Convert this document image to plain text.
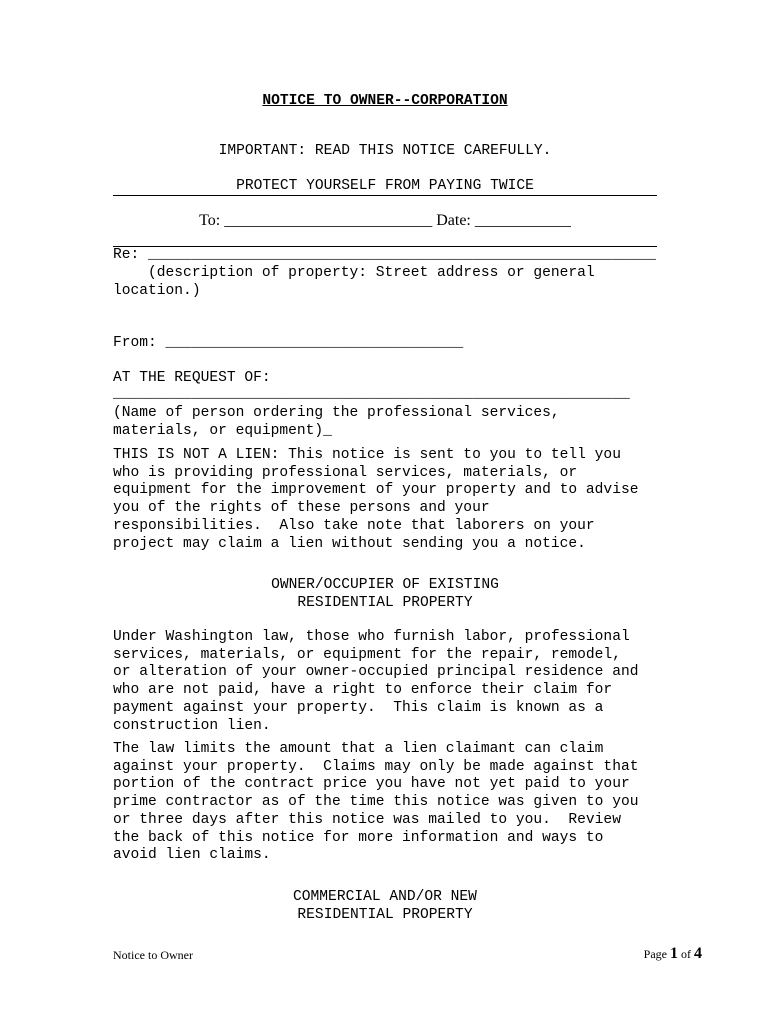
NOTICE TO OWNER--CORPORATION
IMPORTANT: READ THIS NOTICE CAREFULLY.
PROTECT YOURSELF FROM PAYING TWICE
To: __________________________ Date: ____________
Re: __________________________________________________________
(description of property: Street address or general
location.)
From: __________________________________
AT THE REQUEST OF:
___________________________________________________________
(Name of person ordering the professional services,
materials, or equipment)_
THIS IS NOT A LIEN: This notice is sent to you to tell you
who is providing professional services, materials, or
equipment for the improvement of your property and to advise
you of the rights of these persons and your
responsibilities.  Also take note that laborers on your
project may claim a lien without sending you a notice.
OWNER/OCCUPIER OF EXISTING
RESIDENTIAL PROPERTY
Under Washington law, those who furnish labor, professional
services, materials, or equipment for the repair, remodel,
or alteration of your owner-occupied principal residence and
who are not paid, have a right to enforce their claim for
payment against your property.  This claim is known as a
construction lien.
The law limits the amount that a lien claimant can claim
against your property.  Claims may only be made against that
portion of the contract price you have not yet paid to your
prime contractor as of the time this notice was given to you
or three days after this notice was mailed to you.  Review
the back of this notice for more information and ways to
avoid lien claims.
COMMERCIAL AND/OR NEW
RESIDENTIAL PROPERTY
Notice to Owner	Page 1 of 4
